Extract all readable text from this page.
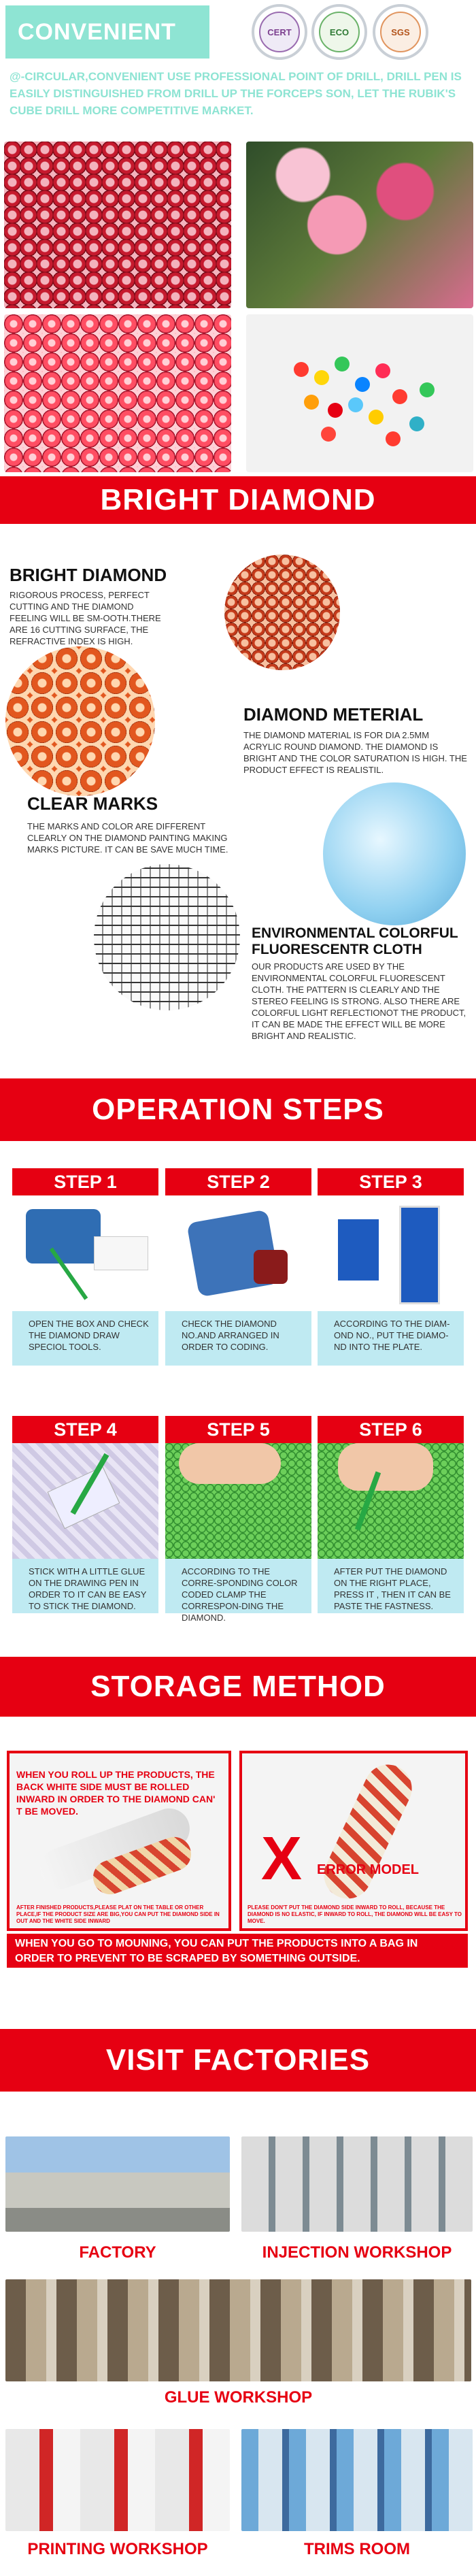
CONVENIENT	CERT	ECO	SGS
@-CIRCULAR,CONVENIENT USE PROFESSIONAL POINT OF DRILL, DRILL PEN IS EASILY DISTINGUISHED FROM DRILL UP THE FORCEPS SON, LET THE RUBIK'S CUBE DRILL MORE COMPETITIVE MARKET.
BRIGHT DIAMOND
BRIGHT DIAMOND
RIGOROUS PROCESS, PERFECT CUTTING AND THE DIAMOND FEELING WILL BE SM-OOTH.THERE ARE 16 CUTTING SURFACE, THE REFRACTIVE INDEX IS HIGH.
DIAMOND METERIAL
THE DIAMOND MATERIAL IS FOR DIA 2.5MM ACRYLIC ROUND DIAMOND. THE DIAMOND IS BRIGHT AND THE COLOR SATURATION IS HIGH. THE PRODUCT EFFECT IS REALISTIL.
CLEAR MARKS
THE MARKS AND COLOR ARE DIFFERENT CLEARLY ON THE DIAMOND PAINTING MAKING MARKS PICTURE. IT CAN BE SAVE MUCH TIME.
ENVIRONMENTAL COLORFUL FLUORESCENTR CLOTH
OUR PRODUCTS ARE USED BY THE ENVIRONMENTAL COLORFUL FLUORESCENT CLOTH. THE PATTERN IS CLEARLY AND THE STEREO FEELING IS STRONG. ALSO THERE ARE COLORFUL LIGHT REFLECTIONOT THE PRODUCT, IT CAN BE MADE THE EFFECT WILL BE MORE BRIGHT AND REALISTIC.
OPERATION STEPS
STEP 1
OPEN THE BOX AND CHECK THE DIAMOND DRAW SPECIOL TOOLS.
STEP 2
CHECK THE DIAMOND NO.AND ARRANGED IN ORDER TO CODING.
STEP 3
ACCORDING TO THE DIAM-OND NO., PUT THE DIAMO-ND INTO THE PLATE.
STEP 4
STICK WITH A LITTLE GLUE ON THE DRAWING PEN IN ORDER TO IT CAN BE EASY TO STICK THE DIAMOND.
STEP 5
ACCORDING TO THE CORRE-SPONDING COLOR CODED CLAMP THE CORRESPON-DING THE DIAMOND.
STEP 6
AFTER PUT THE DIAMOND ON THE RIGHT PLACE, PRESS IT , THEN IT CAN BE PASTE THE FASTNESS.
STORAGE METHOD
WHEN YOU ROLL UP THE PRODUCTS, THE BACK WHITE SIDE MUST BE ROLLED INWARD IN ORDER TO THE DIAMOND CAN' T BE MOVED.
AFTER FINISHED PRODUCTS,PLEASE PLAT ON THE TABLE OR OTHER PLACE,IF THE PRODUCT SIZE ARE BIG,YOU CAN PUT THE DIAMOND SIDE IN OUT AND THE WHITE SIDE INWARD
X ERROR MODEL
PLEASE DON'T PUT THE DIAMOND SIDE INWARD TO ROLL, BECAUSE THE DIAMOND IS NO ELASTIC, IF INWARD TO ROLL, THE DIAMOND WILL BE EASY TO MOVE.
WHEN YOU GO TO MOUNING, YOU CAN PUT THE PRODUCTS INTO A BAG IN ORDER TO PREVENT TO BE SCRAPED BY SOMETHING OUTSIDE.
VISIT FACTORIES
FACTORY	INJECTION WORKSHOP
GLUE WORKSHOP
PRINTING WORKSHOP	TRIMS ROOM
